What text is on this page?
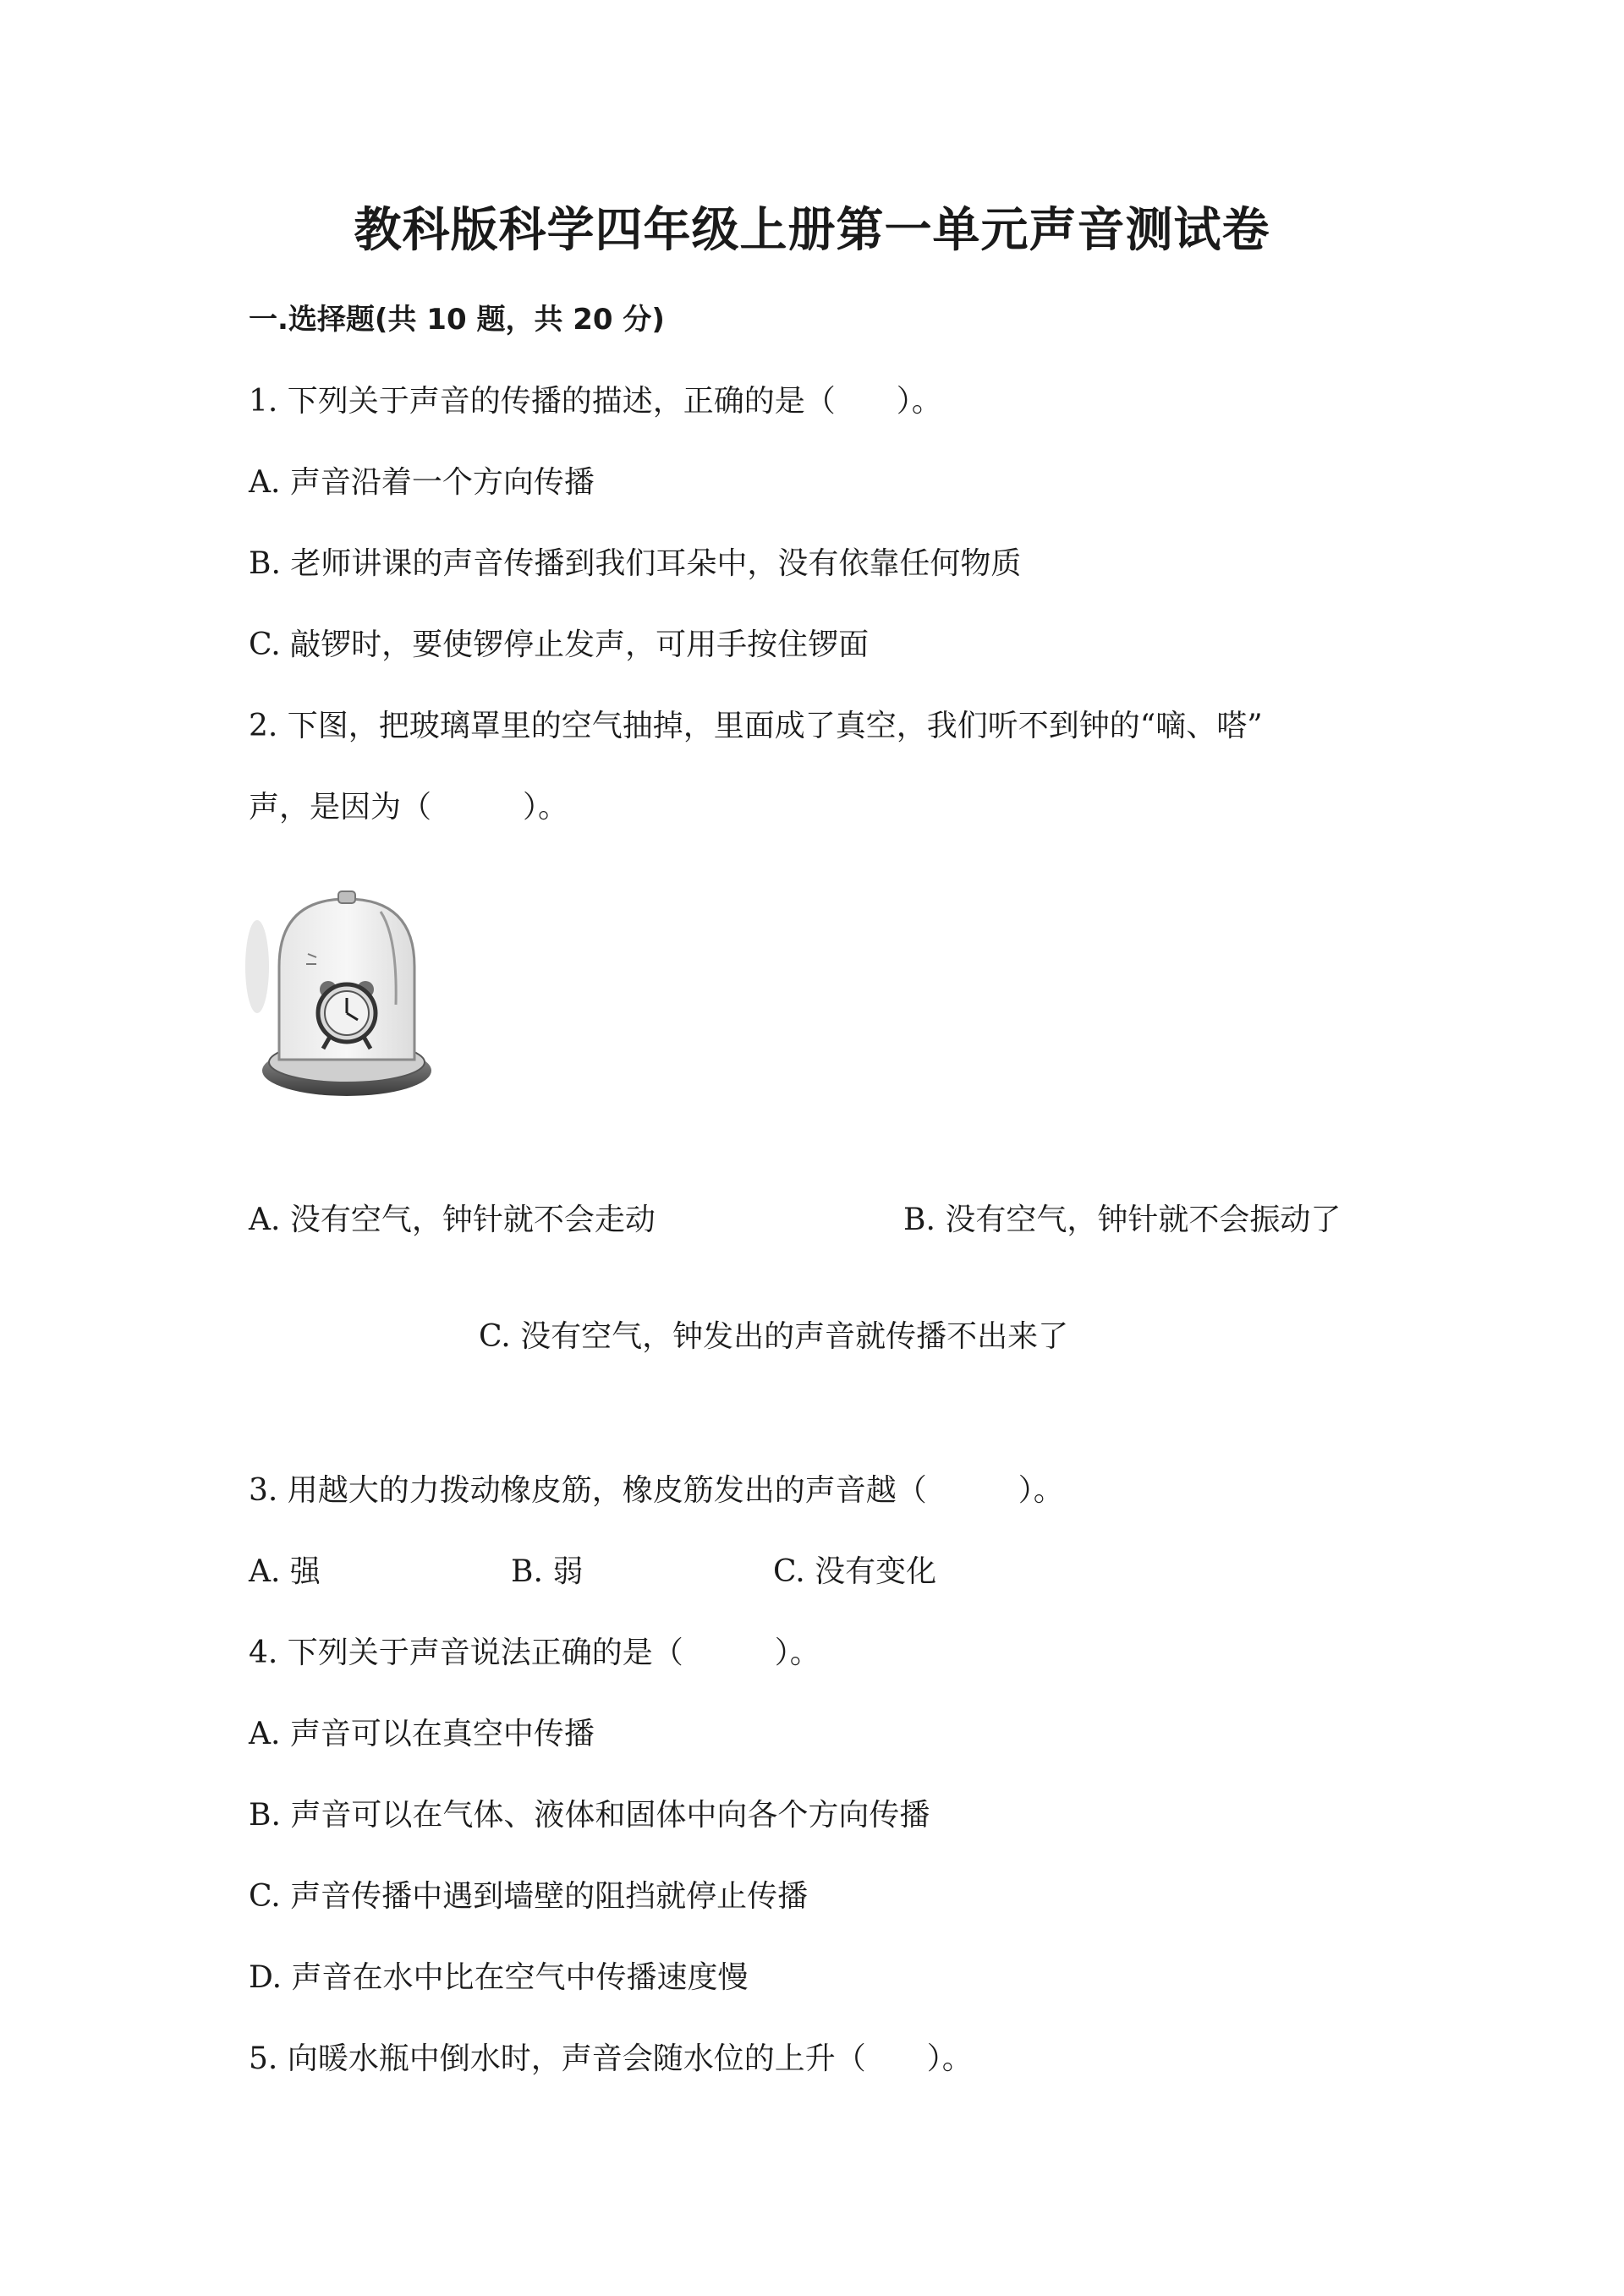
教科版科学四年级上册第一单元声音测试卷
一.选择题(共 10 题，共 20 分)
1. 下列关于声音的传播的描述，正确的是（　　）。
A. 声音沿着一个方向传播
B. 老师讲课的声音传播到我们耳朵中，没有依靠任何物质
C. 敲锣时，要使锣停止发声，可用手按住锣面
2. 下图，把玻璃罩里的空气抽掉，里面成了真空，我们听不到钟的“嘀、嗒”
声，是因为（　　　）。
A. 没有空气，钟针就不会走动	B. 没有空气，钟针就不会振动了
C. 没有空气，钟发出的声音就传播不出来了
3. 用越大的力拨动橡皮筋，橡皮筋发出的声音越（　　　）。
A. 强	B. 弱	C. 没有变化
4. 下列关于声音说法正确的是（　　　）。
A. 声音可以在真空中传播
B. 声音可以在气体、液体和固体中向各个方向传播
C. 声音传播中遇到墙壁的阻挡就停止传播
D. 声音在水中比在空气中传播速度慢
5. 向暖水瓶中倒水时，声音会随水位的上升（　　）。
